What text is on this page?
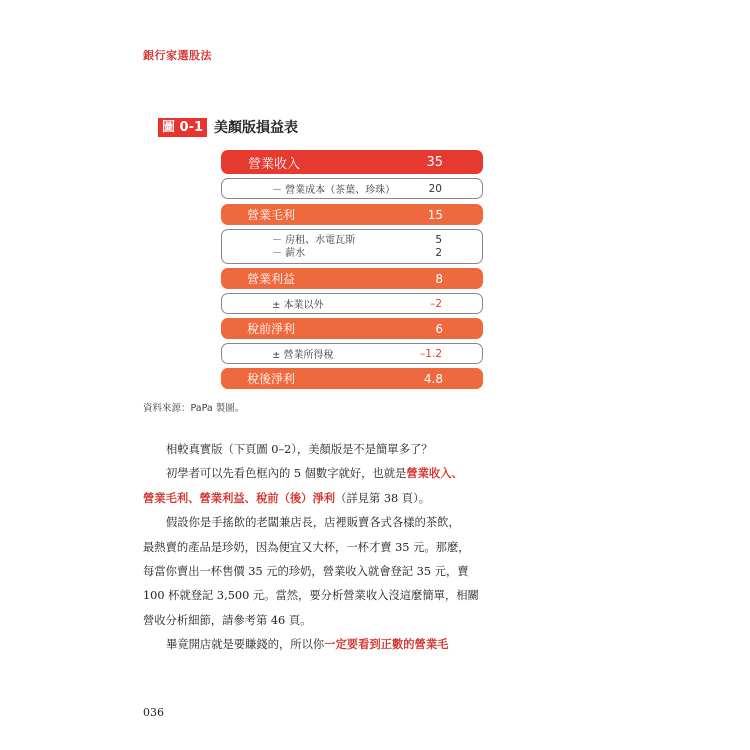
銀行家選股法
圖 0-1 美顏版損益表
營業收入	35
－ 營業成本（茶葉、珍珠）	20
營業毛利	15
－ 房租、水電瓦斯	5
－ 薪水	2
營業利益	8
± 本業以外	–2
稅前淨利	6
± 營業所得稅	–1.2
稅後淨利	4.8
資料來源：PaPa 製圖。

相較真實版（下頁圖 0–2），美顏版是不是簡單多了？

初學者可以先看色框內的 5 個數字就好，也就是營業收入、

營業毛利、營業利益、稅前（後）淨利（詳見第 38 頁）。

假設你是手搖飲的老闆兼店長，店裡販賣各式各樣的茶飲，

最熱賣的產品是珍奶，因為便宜又大杯，一杯才賣 35 元。那麼，

每當你賣出一杯售價 35 元的珍奶，營業收入就會登記 35 元，賣

100 杯就登記 3,500 元。當然，要分析營業收入沒這麼簡單，相關

營收分析細節，請參考第 46 頁。

畢竟開店就是要賺錢的，所以你一定要看到正數的營業毛

036
